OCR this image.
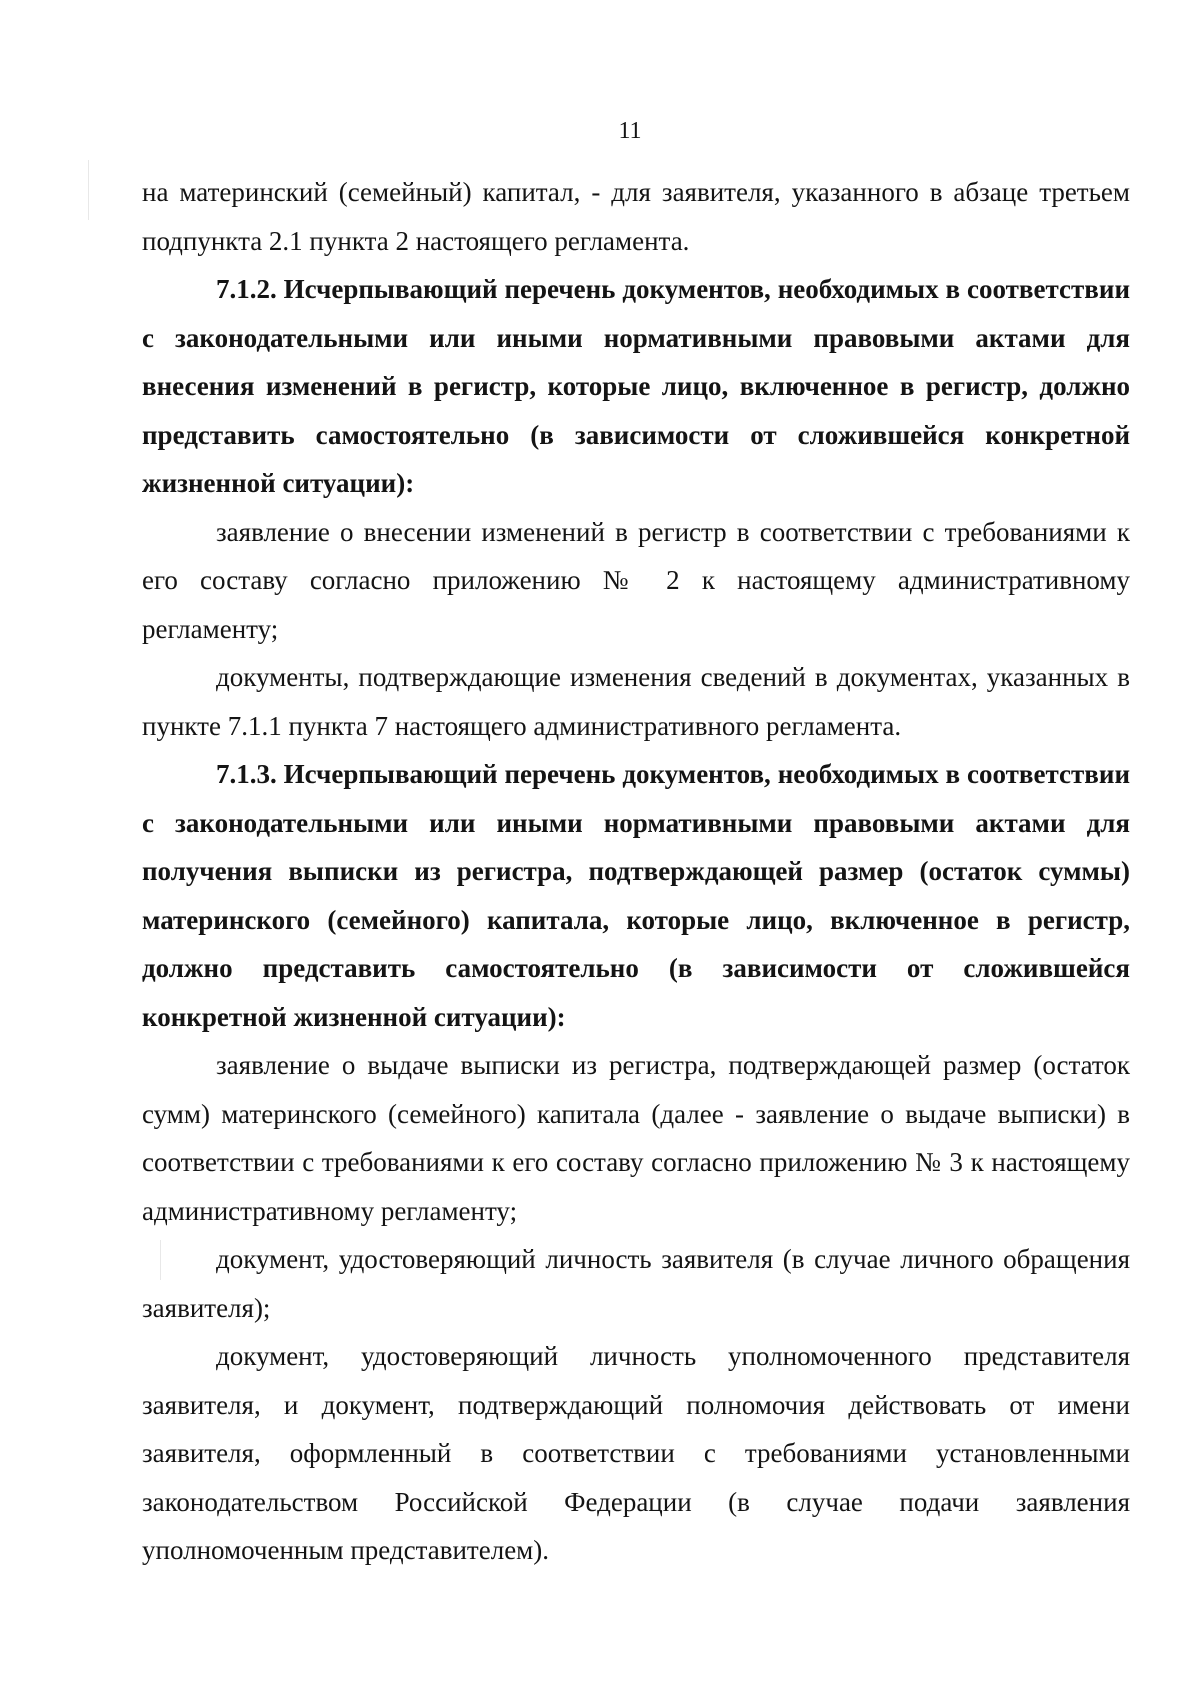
11

на материнский (семейный) капитал, - для заявителя, указанного в абзаце третьем подпункта 2.1 пункта 2 настоящего регламента.

7.1.2. Исчерпывающий перечень документов, необходимых в соответствии с законодательными или иными нормативными правовыми актами для внесения изменений в регистр, которые лицо, включенное в регистр, должно представить самостоятельно (в зависимости от сложившейся конкретной жизненной ситуации):

заявление о внесении изменений в регистр в соответствии с требованиями к его составу согласно приложению № 2 к настоящему административному регламенту;

документы, подтверждающие изменения сведений в документах, указанных в пункте 7.1.1 пункта 7 настоящего административного регламента.

7.1.3. Исчерпывающий перечень документов, необходимых в соответствии с законодательными или иными нормативными правовыми актами для получения выписки из регистра, подтверждающей размер (остаток суммы) материнского (семейного) капитала, которые лицо, включенное в регистр, должно представить самостоятельно (в зависимости от сложившейся конкретной жизненной ситуации):

заявление о выдаче выписки из регистра, подтверждающей размер (остаток сумм) материнского (семейного) капитала (далее - заявление о выдаче выписки) в соответствии с требованиями к его составу согласно приложению № 3 к настоящему административному регламенту;

документ, удостоверяющий личность заявителя (в случае личного обращения заявителя);

документ, удостоверяющий личность уполномоченного представителя заявителя, и документ, подтверждающий полномочия действовать от имени заявителя, оформленный в соответствии с требованиями установленными законодательством Российской Федерации (в случае подачи заявления уполномоченным представителем).
